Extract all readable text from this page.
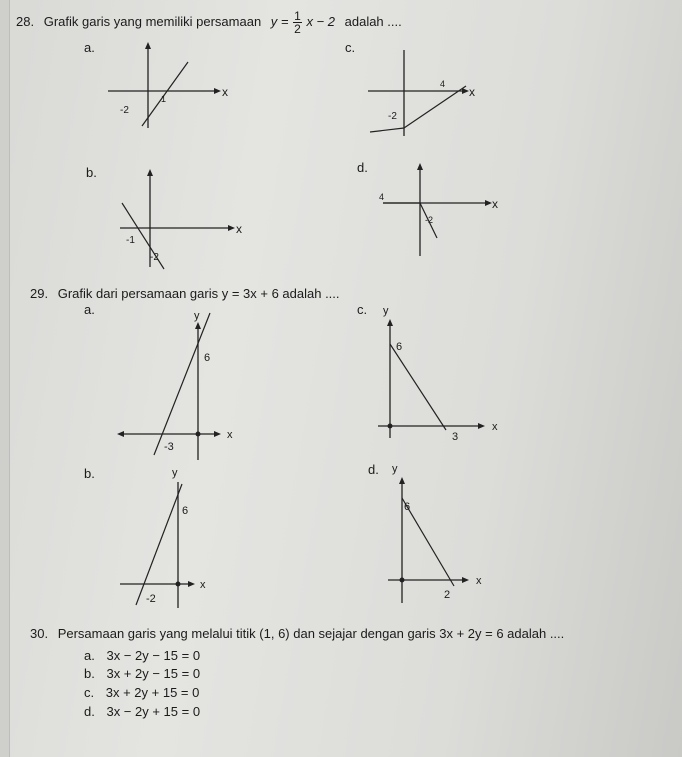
28. Grafik garis yang memiliki persamaan $y = \frac{1}{2}$ x − 2 adalah ....
a.
x
1
-2
b.
x
-1
-2
c.
x
4
-2
d.
x
4
-2
29. Grafik dari persamaan garis y = 3x + 6 adalah ....
a.	y
x
6
-3
b.	y
x
6
-2
c. y
x
6
3
d. y
x
6
2
30. Persamaan garis yang melalui titik (1, 6) dan sejajar dengan garis 3x + 2y = 6 adalah ....
a. 3x − 2y − 15 = 0
b. 3x + 2y − 15 = 0
c. 3x + 2y + 15 = 0
d. 3x − 2y + 15 = 0
